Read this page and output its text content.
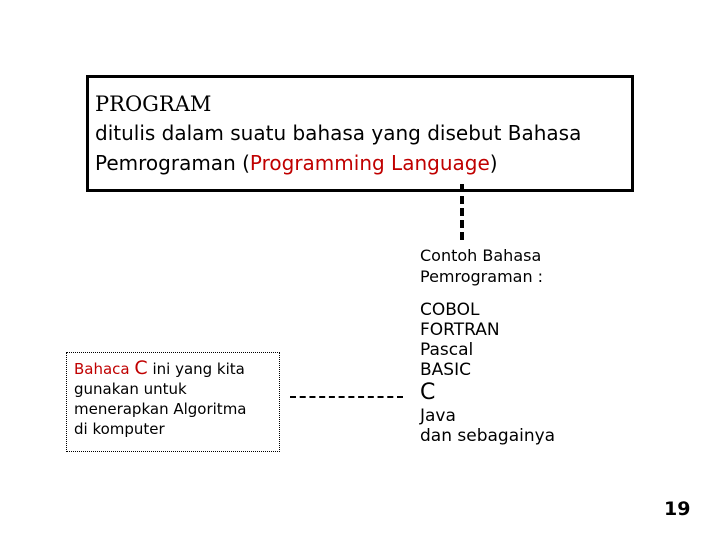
PROGRAM
ditulis dalam suatu bahasa yang disebut Bahasa
Pemrograman (Programming Language)
Contoh Bahasa
Pemrograman :
COBOL
FORTRAN
Pascal
BASIC
C
Java
dan sebagainya
Bahaca C ini yang kita
gunakan untuk
menerapkan Algoritma
di komputer
19
